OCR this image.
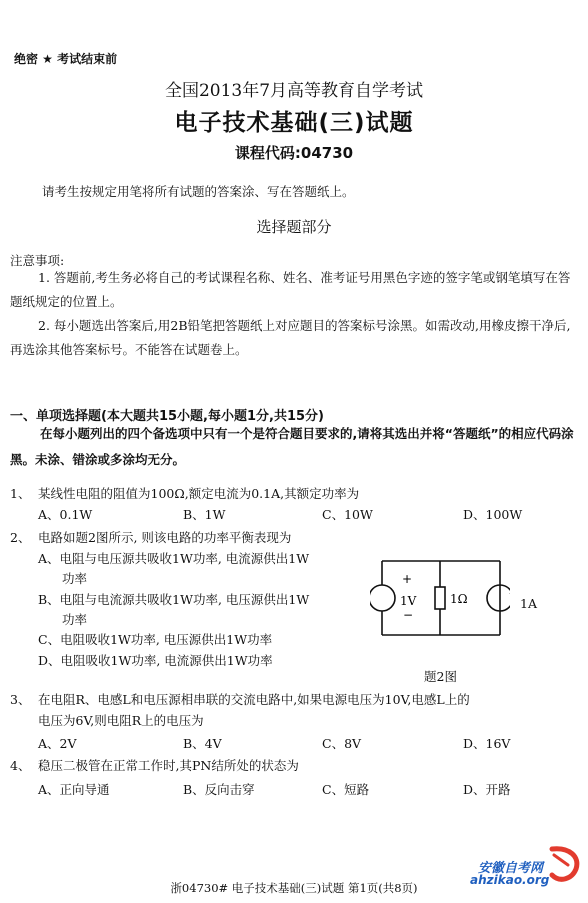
绝密 ★ 考试结束前
全国2013年7月高等教育自学考试
电子技术基础(三)试题
课程代码:04730
请考生按规定用笔将所有试题的答案涂、写在答题纸上。
选择题部分
注意事项:
1. 答题前,考生务必将自己的考试课程名称、姓名、准考证号用黑色字迹的签字笔或钢笔填写在答题纸规定的位置上。
2. 每小题选出答案后,用2B铅笔把答题纸上对应题目的答案标号涂黑。如需改动,用橡皮擦干净后,再选涂其他答案标号。不能答在试题卷上。
一、单项选择题(本大题共15小题,每小题1分,共15分)
在每小题列出的四个备选项中只有一个是符合题目要求的,请将其选出并将“答题纸”的相应代码涂黑。未涂、错涂或多涂均无分。
1、 某线性电阻的阻值为100Ω,额定电流为0.1A,其额定功率为
A、0.1W	B、1W	C、10W	D、100W
2、 电路如题2图所示, 则该电路的功率平衡表现为
A、电阻与电压源共吸收1W功率, 电流源供出1W
功率
B、电阻与电流源共吸收1W功率, 电压源供出1W
功率
C、电阻吸收1W功率, 电压源供出1W功率
D、电阻吸收1W功率, 电流源供出1W功率
+
1V
−
1Ω	1A
题2图
3、 在电阻R、电感L和电压源相串联的交流电路中,如果电源电压为10V,电感L上的
电压为6V,则电阻R上的电压为
A、2V	B、4V	C、8V	D、16V
4、 稳压二极管在正常工作时,其PN结所处的状态为
A、正向导通	B、反向击穿	C、短路	D、开路
安徽自考网
ahzikao.org
浙04730# 电子技术基础(三)试题 第1页(共8页)
